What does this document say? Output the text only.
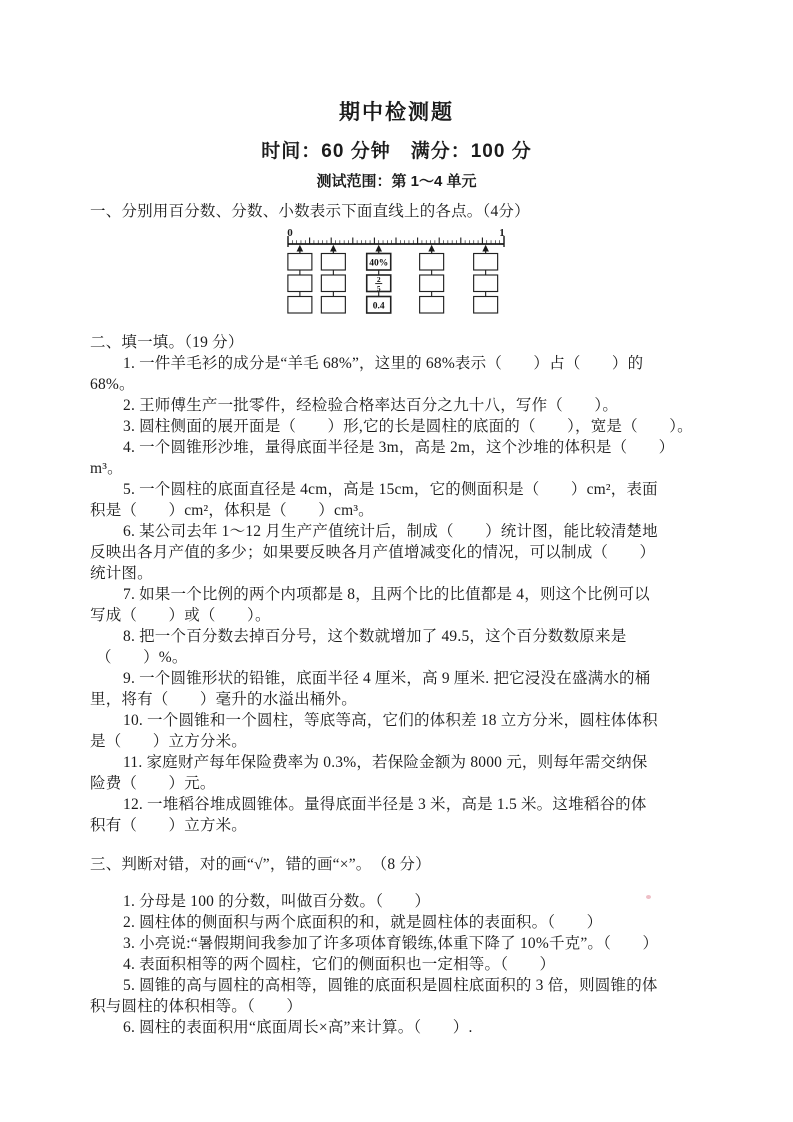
期中检测题
时间：60 分钟　满分：100 分
测试范围：第 1～4 单元
一、分别用百分数、分数、小数表示下面直线上的各点。（4分）
0	1
40%
2
5
0.4
二、填一填。（19 分）
1. 一件羊毛衫的成分是“羊毛 68%”，这里的 68%表示（　　）占（　　）的
68%。
2. 王师傅生产一批零件，经检验合格率达百分之九十八，写作（　　）。
3. 圆柱侧面的展开面是（　　）形,它的长是圆柱的底面的（　　），宽是（　　）。
4. 一个圆锥形沙堆，量得底面半径是 3m，高是 2m，这个沙堆的体积是（　　）
m³。
5. 一个圆柱的底面直径是 4cm，高是 15cm，它的侧面积是（　　）cm²，表面
积是（　　）cm²，体积是（　　）cm³。
6. 某公司去年 1～12 月生产产值统计后，制成（　　）统计图，能比较清楚地
反映出各月产值的多少；如果要反映各月产值增减变化的情况，可以制成（　　）
统计图。
7. 如果一个比例的两个内项都是 8，且两个比的比值都是 4，则这个比例可以
写成（　　）或（　　）。
8. 把一个百分数去掉百分号，这个数就增加了 49.5，这个百分数数原来是
（　　）%。
9. 一个圆锥形状的铅锥，底面半径 4 厘米，高 9 厘米. 把它浸没在盛满水的桶
里，将有（　　）毫升的水溢出桶外。
10. 一个圆锥和一个圆柱，等底等高，它们的体积差 18 立方分米，圆柱体体积
是（　　）立方分米。
11. 家庭财产每年保险费率为 0.3%，若保险金额为 8000 元，则每年需交纳保
险费（　　）元。
12. 一堆稻谷堆成圆锥体。量得底面半径是 3 米，高是 1.5 米。这堆稻谷的体
积有（　　）立方米。
三、判断对错，对的画“√”，错的画“×”。　（8 分）
1. 分母是 100 的分数，叫做百分数。（　　）
2. 圆柱体的侧面积与两个底面积的和，就是圆柱体的表面积。（　　）
3. 小亮说:“暑假期间我参加了许多项体育锻练,体重下降了 10%千克”。（　　）
4. 表面积相等的两个圆柱，它们的侧面积也一定相等。（　　）
5. 圆锥的高与圆柱的高相等，圆锥的底面积是圆柱底面积的 3 倍，则圆锥的体
积与圆柱的体积相等。（　　）
6. 圆柱的表面积用“底面周长×高”来计算。（　　）.
